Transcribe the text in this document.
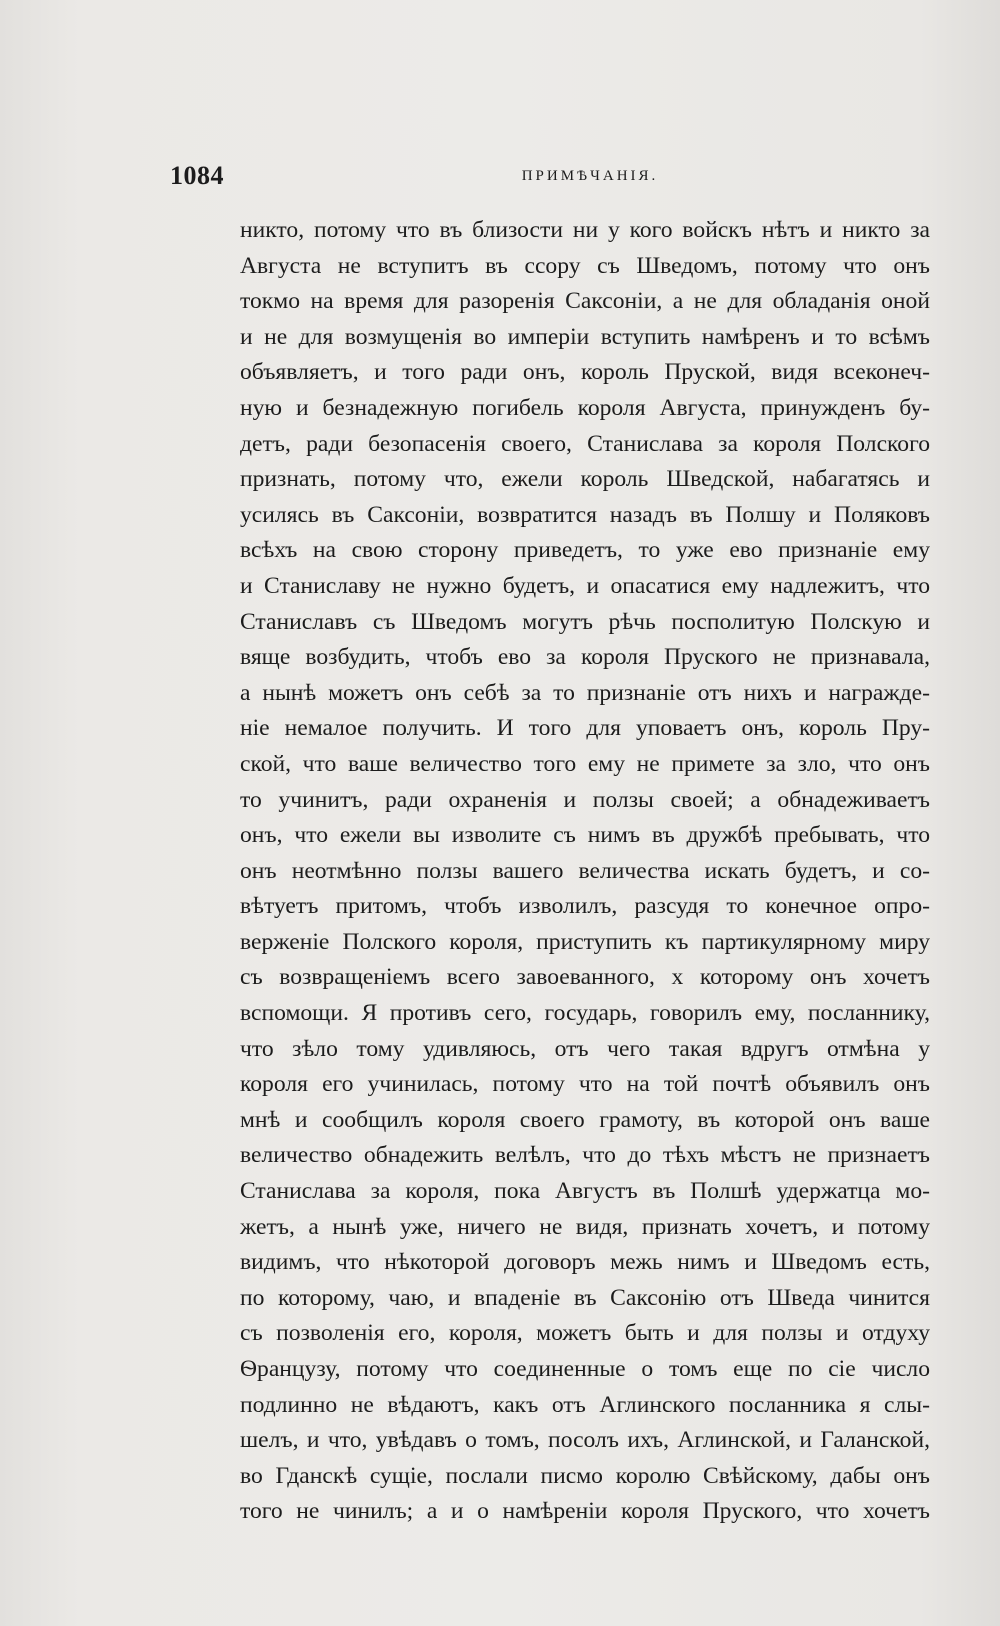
1084	ПРИМѢЧАНІЯ.
никто, потому что въ близости ни у кого войскъ нѣтъ и никто за
Августа не вступитъ въ ссору съ Шведомъ, потому что онъ
токмо на время для разоренія Саксоніи, а не для обладанія оной
и не для возмущенія во имперіи вступить намѣренъ и то всѣмъ
объявляетъ, и того ради онъ, король Пруской, видя всеконеч-
ную и безнадежную погибель короля Августа, принужденъ бу-
детъ, ради безопасенія своего, Станислава за короля Полского
признать, потому что, ежели король Шведской, набагатясь и
усилясь въ Саксоніи, возвратится назадъ въ Полшу и Поляковъ
всѣхъ на свою сторону приведетъ, то уже ево признаніе ему
и Станиславу не нужно будетъ, и опасатися ему надлежитъ, что
Станиславъ съ Шведомъ могутъ рѣчь посполитую Полскую и
вяще возбудить, чтобъ ево за короля Пруского не признавала,
а нынѣ можетъ онъ себѣ за то признаніе отъ нихъ и награжде-
ніе немалое получить. И того для уповаетъ онъ, король Пру-
ской, что ваше величество того ему не примете за зло, что онъ
то учинитъ, ради охраненія и ползы своей; а обнадеживаетъ
онъ, что ежели вы изволите съ нимъ въ дружбѣ пребывать, что
онъ неотмѣнно ползы вашего величества искать будетъ, и со-
вѣтуетъ притомъ, чтобъ изволилъ, разсудя то конечное опро-
верженіе Полского короля, приступить къ партикулярному миру
съ возвращеніемъ всего завоеванного, х которому онъ хочетъ
вспомощи. Я противъ сего, государь, говорилъ ему, посланнику,
что зѣло тому удивляюсь, отъ чего такая вдругъ отмѣна у
короля его учинилась, потому что на той почтѣ объявилъ онъ
мнѣ и сообщилъ короля своего грамоту, въ которой онъ ваше
величество обнадежить велѣлъ, что до тѣхъ мѣстъ не признаетъ
Станислава за короля, пока Августъ въ Полшѣ удержатца мо-
жетъ, а нынѣ уже, ничего не видя, признать хочетъ, и потому
видимъ, что нѣкоторой договоръ межь нимъ и Шведомъ есть,
по которому, чаю, и впаденіе въ Саксонію отъ Шведа чинится
съ позволенія его, короля, можетъ быть и для ползы и отдуху
Ѳранцузу, потому что соединенные о томъ еще по сіе число
подлинно не вѣдаютъ, какъ отъ Аглинского посланника я слы-
шелъ, и что, увѣдавъ о томъ, посолъ ихъ, Аглинской, и Галанской,
во Гданскѣ сущіе, послали писмо королю Свѣйскому, дабы онъ
того не чинилъ; а и о намѣреніи короля Пруского, что хочетъ
